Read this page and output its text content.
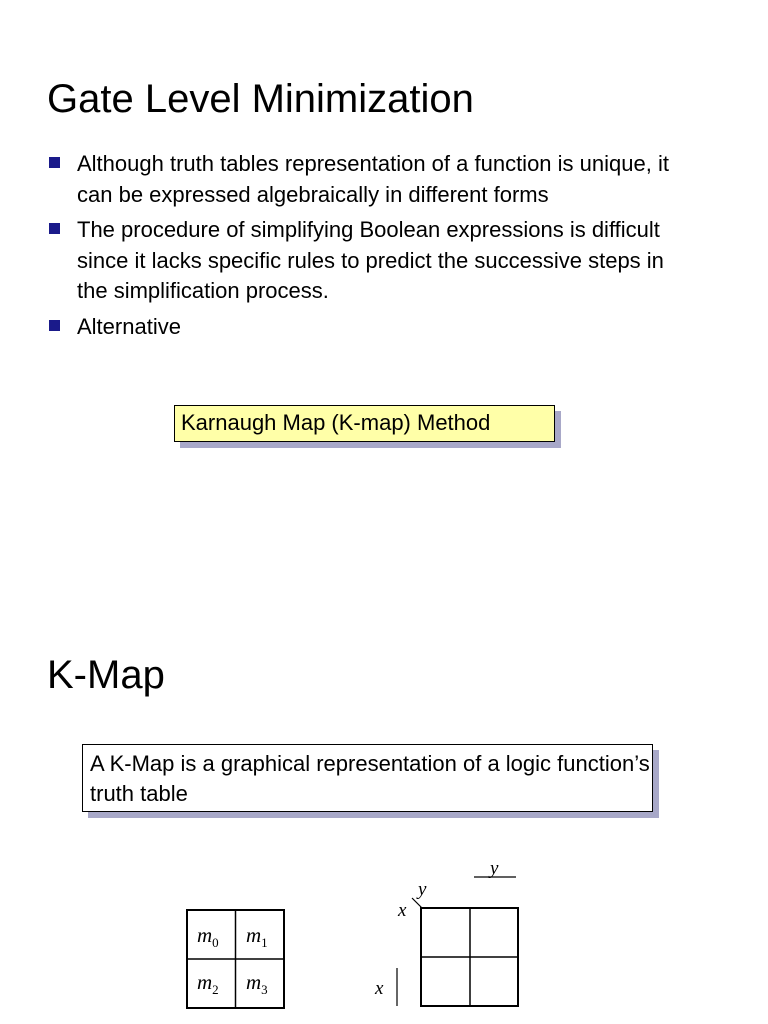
Gate Level Minimization
Although truth tables representation of a function is unique, it can be expressed algebraically in different forms
The procedure of simplifying Boolean expressions is difficult since it lacks specific rules to predict the successive steps in the simplification process.
Alternative
Karnaugh Map (K-map) Method
K-Map
A K-Map is a graphical representation of a logic function’s truth table
$m_0$ $m_1$
$m_2$ $m_3$
y
x
y
x
